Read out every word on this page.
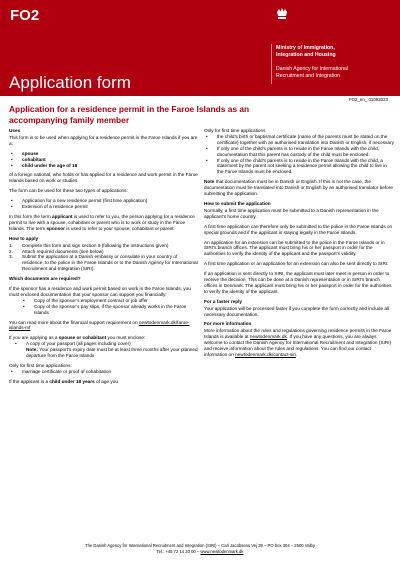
FO2
Application form
Ministry of Immigration,
Integration and Housing
Danish Agency for International
Recruitment and Integration
FO2_en_ 01092023
Application for a residence permit in the Faroe Islands as an
accompanying family member
Uses

This form is to be used when applying for a residence permit in the Faroe Islands if you are a:

• spouse
• cohabitant
• child under the age of 18

of a foreign national, who holds or has applied for a residence and work permit in the Faroe Islands based on work or studies.

The form can be used for these two types of applications:

• Application for a new residence permit (first time application)
• Extension of a residence permit

In this form the term applicant is used to refer to you, the person applying for a residence permit to live with a spouse, cohabitant or parent who is to work or study in the Faroe Islands. The term sponsor is used to refer to your spouse, cohabitant or parent.

How to apply
1. Complete this form and sign section 9 (following the instructions given)
2. Attach required documents (see below)
3. Submit the application at a Danish embassy or consulate in your country of residence, to the police in the Faroe Islands or to the Danish Agency for International Recruitment and Integration (SIRI).
Which documents are required?

If the sponsor has a residence and work permit based on work in the Faroe Islands, you must enclosed documentation that your sponsor can support you financially:

• Copy of the sponsor’s employment contract or job offer
• Copy of the sponsor’s pay slips, if the sponsor already works in the Faroe Islands

You can read more about the financial support requirement on newtodenmark.dk/faroe-islands-mf

If you are applying as a spouse or cohabitant you must enclose:

• A copy of your passport (all pages including cover)
Note: Your passport’s expiry date must be at least three months after your planned departure from the Faroe Islands

Only for first time applications:

• marriage certificate or proof of cohabitation

If the applicant is a child under 18 years of age you

Only for first time applications

• the child’s birth or baptismal certificate (name of the parents must be stated on the certificate) together with an authorised translation into Danish or English, if necessary
• If only one of the child’s parents is to reside in the Faroe Islands with the child, documentation that this parent has custody of the child must be enclosed.
• If only one of the child’s parents is to reside in the Faroe Islands with the child, a statement by the parent not seeking a residence permit allowing the child to live in the Faroe Islands must be enclosed.

Note that documentation must be in Danish or English. If this is not the case, the documentation must be translated into Danish or English by an authorised translator before submitting the application.

How to submit the application

Normally, a first time application must be submitted to a Danish representation in the applicant’s home country.

A first time application can therefore only be submitted to the police in the Faroe Islands on special grounds and if the applicant is staying legally in the Faroe Islands.

An application for an extension can be submitted to the police in the Faroe Islands or in SIRI’s branch offices. The applicant must bring his or her passport in order for the authorities to verify the identity of the applicant and the passport’s validity.

A first time application or an application for an extension can also be sent directly to SIRI.

If an application is sent directly to SIRI, the applicant must later meet in person in order to receive the decision. This can be done at a Danish representation or in SIRI’s branch offices in Denmark. The applicant must bring his or her passport in order for the authorities to verify the identity of the applicant.

For a faster reply

Your application will be processed faster if you complete the form correctly and include all necessary documentation.

For more information

More information about the rules and regulations governing residence permits in the Faroe Islands is available at newtodenmark.dk. If you have any questions, you are always welcome to contact the Danish Agency for International Recruitment and Integration (SIRI) and receive information about the rules and regulations. You can find our contact information on newtodenmark.dk/contact-siri.

The Danish Agency for International Recruitment and Integration (SIRI) – Carl Jacobsens Vej 39 – PO box 304 – 2500 Valby
Tel.: +45 72 14 20 00 – www.newtodenmark.dk
